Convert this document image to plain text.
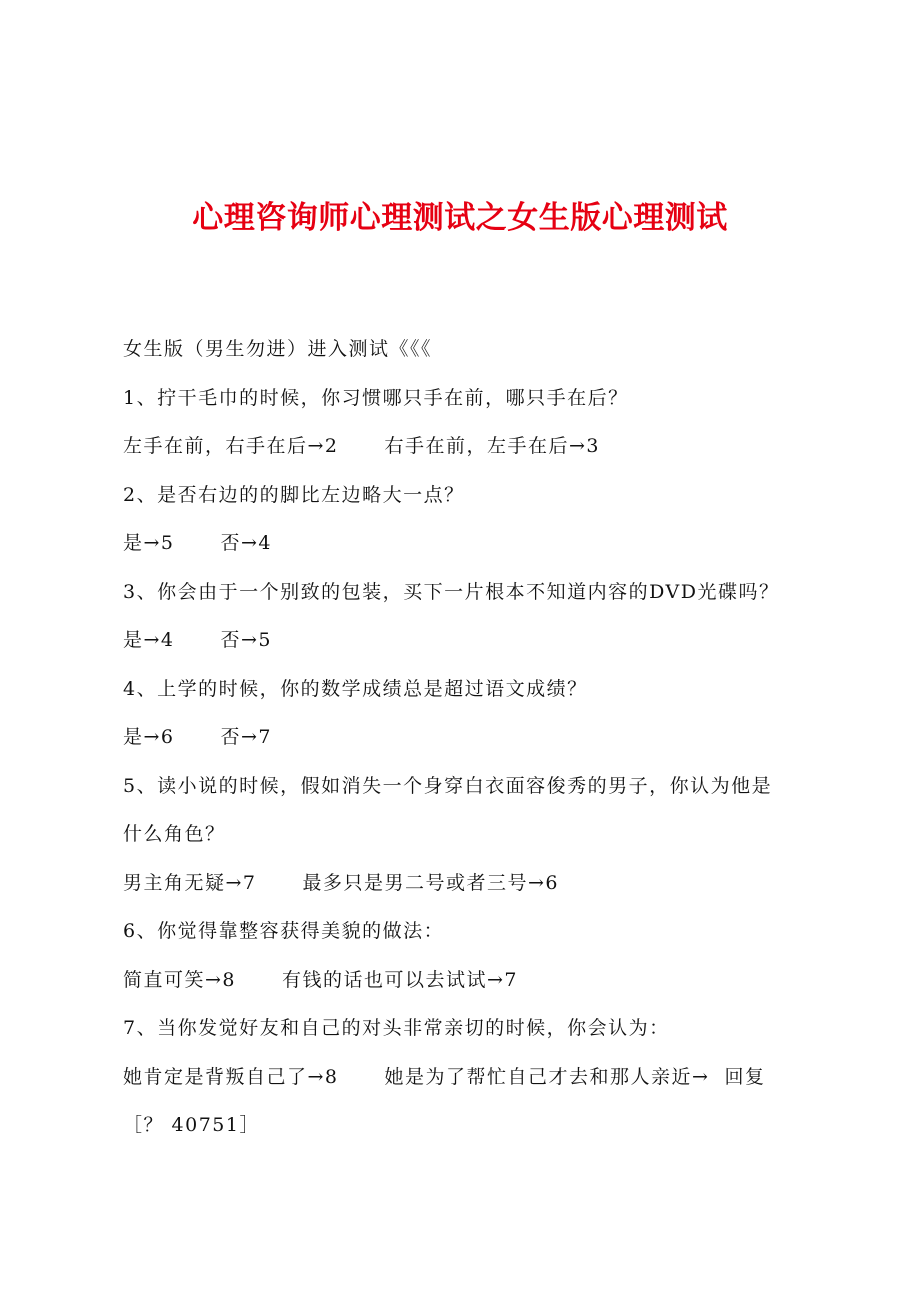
心理咨询师心理测试之女生版心理测试
女生版（男生勿进）进入测试《《《
1、拧干毛巾的时候，你习惯哪只手在前，哪只手在后？
左手在前，右手在后→2 右手在前，左手在后→3
2、是否右边的的脚比左边略大一点？
是→5 否→4
3、你会由于一个别致的包装，买下一片根本不知道内容的DVD光碟吗？
是→4 否→5
4、上学的时候，你的数学成绩总是超过语文成绩？
是→6 否→7
5、读小说的时候，假如消失一个身穿白衣面容俊秀的男子，你认为他是
什么角色？
男主角无疑→7 最多只是男二号或者三号→6
6、你觉得靠整容获得美貌的做法：
简直可笑→8 有钱的话也可以去试试→7
7、当你发觉好友和自己的对头非常亲切的时候，你会认为：
她肯定是背叛自己了→8 她是为了帮忙自己才去和那人亲近→ 回复
［？ 40751］
